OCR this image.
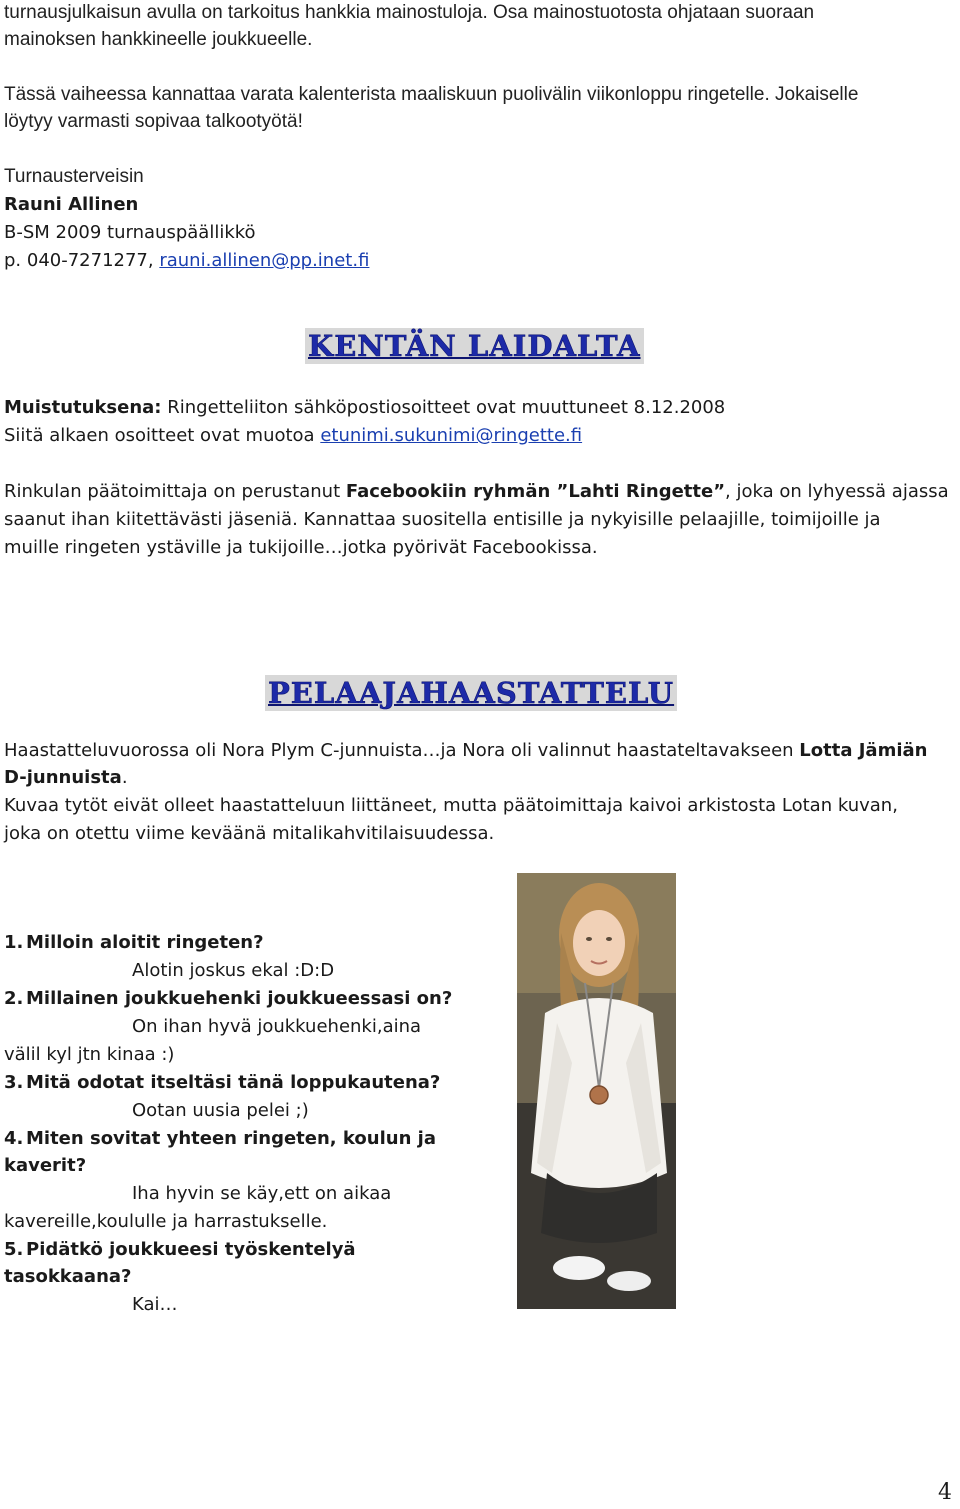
turnausjulkaisun avulla on tarkoitus hankkia mainostuloja. Osa mainostuotosta ohjataan suoraan
mainoksen hankkineelle joukkueelle.
Tässä vaiheessa kannattaa varata kalenterista maaliskuun puolivälin viikonloppu ringetelle. Jokaiselle
löytyy varmasti sopivaa talkootyötä!
Turnausterveisin
Rauni Allinen
B-SM 2009 turnauspäällikkö
p. 040-7271277, rauni.allinen@pp.inet.fi
KENTÄN LAIDALTA
Muistutuksena: Ringetteliiton sähköpostiosoitteet ovat muuttuneet 8.12.2008
Siitä alkaen osoitteet ovat muotoa etunimi.sukunimi@ringette.fi
Rinkulan päätoimittaja on perustanut Facebookiin ryhmän ”Lahti Ringette”, joka on lyhyessä ajassa
saanut ihan kiitettävästi jäseniä. Kannattaa suositella entisille ja nykyisille pelaajille, toimijoille ja
muille ringeten ystäville ja tukijoille…jotka pyörivät Facebookissa.
PELAAJAHAASTATTELU
Haastatteluvuorossa oli Nora Plym C-junnuista…ja Nora oli valinnut haastateltavakseen Lotta Jämiän
D-junnuista.
Kuvaa tytöt eivät olleet haastatteluun liittäneet, mutta päätoimittaja kaivoi arkistosta Lotan kuvan,
joka on otettu viime keväänä mitalikahvitilaisuudessa.
1. Milloin aloitit ringeten?
Alotin joskus ekal :D:D
2. Millainen joukkuehenki joukkueessasi on?
On ihan hyvä joukkuehenki,aina
välil kyl jtn kinaa :)
3. Mitä odotat itseltäsi tänä loppukautena?
Ootan uusia pelei ;)
4. Miten sovitat yhteen ringeten, koulun ja
kaverit?
Iha hyvin se käy,ett on aikaa
kavereille,koululle ja harrastukselle.
5. Pidätkö joukkueesi työskentelyä
tasokkaana?
Kai…
4
